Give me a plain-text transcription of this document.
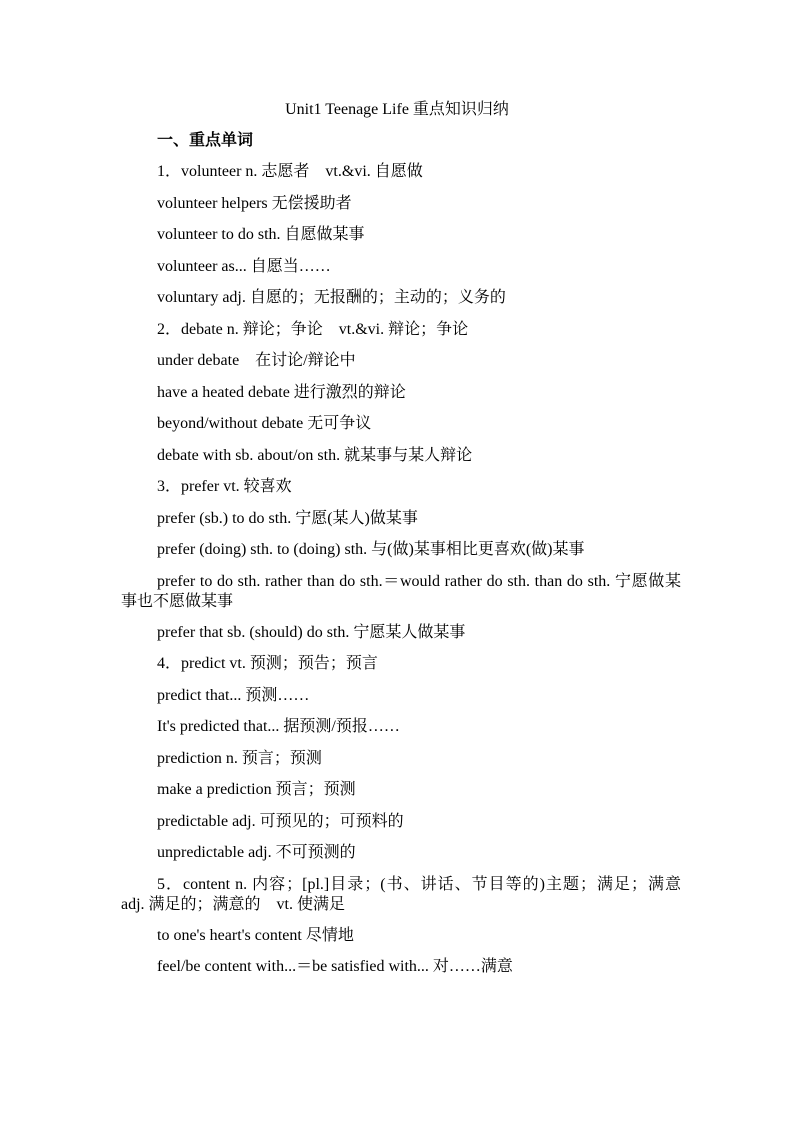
Unit1 Teenage Life 重点知识归纳
一、重点单词
1．volunteer n. 志愿者　vt.&vi. 自愿做
volunteer helpers 无偿援助者
volunteer to do sth. 自愿做某事
volunteer as... 自愿当……
voluntary adj. 自愿的；无报酬的；主动的；义务的
2．debate n. 辩论；争论　vt.&vi. 辩论；争论
under debate　在讨论/辩论中
have a heated debate 进行激烈的辩论
beyond/without debate 无可争议
debate with sb. about/on sth. 就某事与某人辩论
3．prefer vt. 较喜欢
prefer (sb.) to do sth. 宁愿(某人)做某事
prefer (doing) sth. to (doing) sth. 与(做)某事相比更喜欢(做)某事
prefer to do sth. rather than do sth.＝would rather do sth. than do sth. 宁愿做某事也不愿做某事
prefer that sb. (should) do sth. 宁愿某人做某事
4．predict vt. 预测；预告；预言
predict that... 预测……
It's predicted that... 据预测/预报……
prediction n. 预言；预测
make a prediction 预言；预测
predictable adj. 可预见的；可预料的
unpredictable adj. 不可预测的
5．content n. 内容；[pl.]目录；(书、讲话、节目等的)主题；满足；满意　adj. 满足的；满意的　vt. 使满足
to one's heart's content 尽情地
feel/be content with...＝be satisfied with... 对……满意
